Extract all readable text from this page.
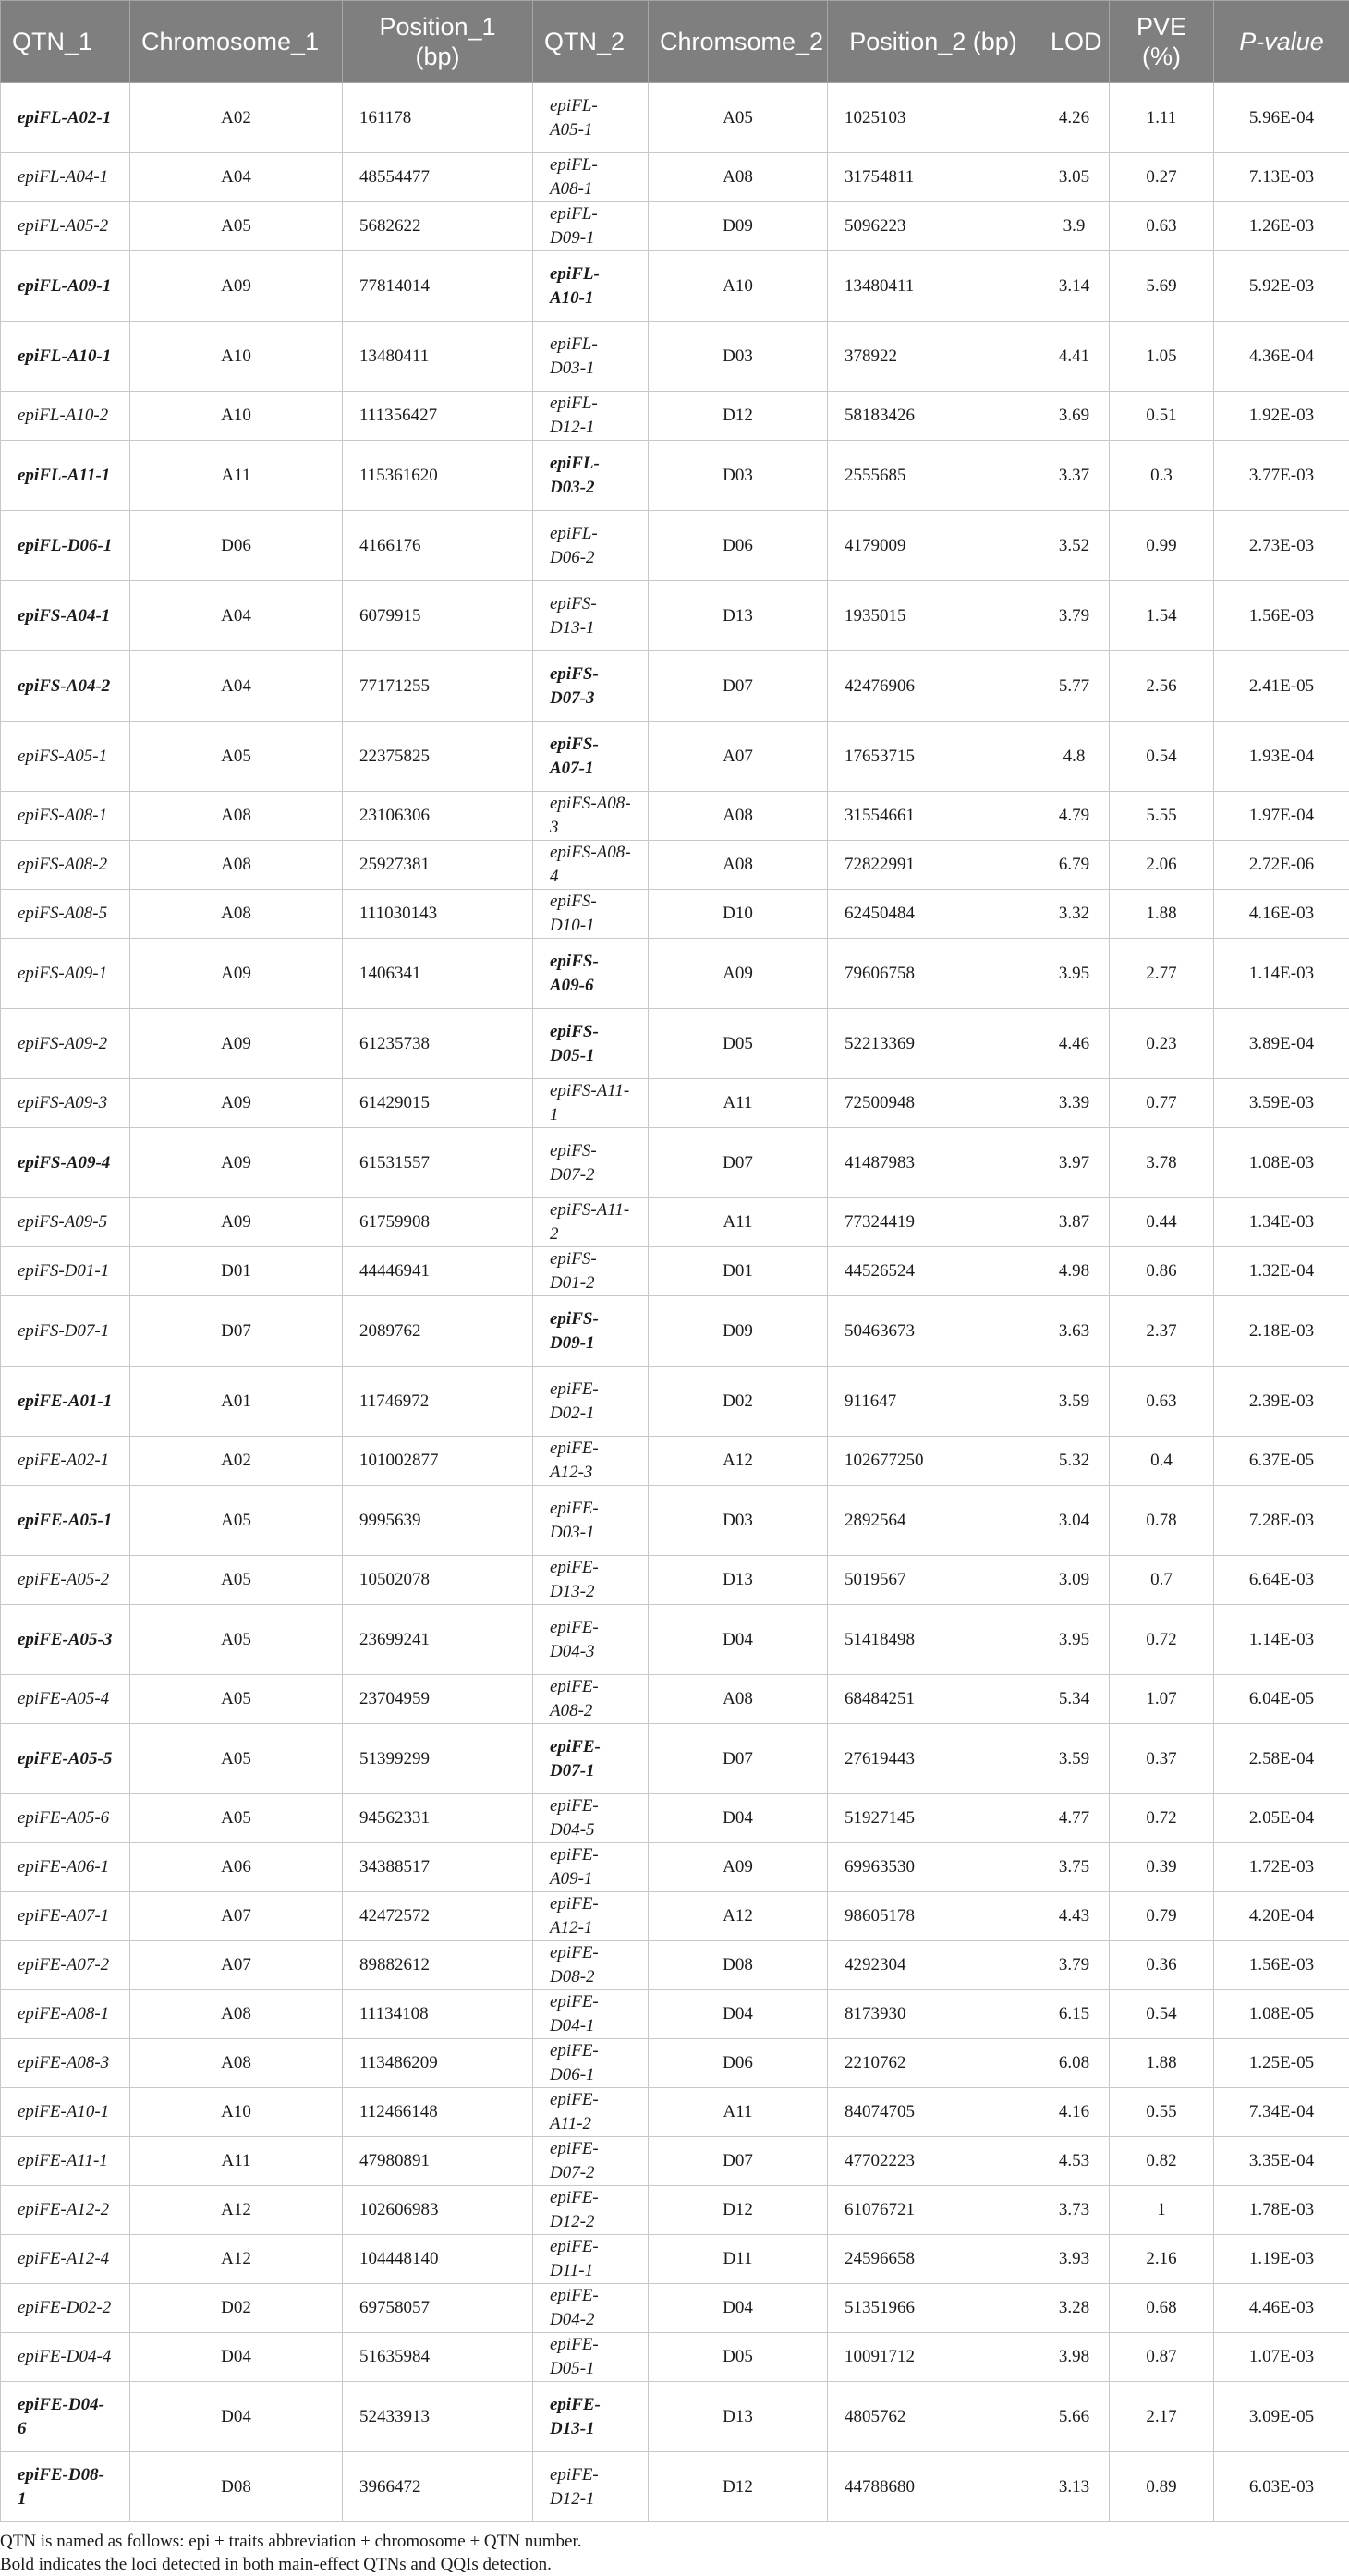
QTN_1	Chromosome_1	Position_1 (bp)	QTN_2	Chromsome_2	Position_2 (bp)	LOD	PVE (%)	P-value
epiFL-A02-1	A02	161178	epiFL-A05-1	A05	1025103	4.26	1.11	5.96E-04
epiFL-A04-1	A04	48554477	epiFL-A08-1	A08	31754811	3.05	0.27	7.13E-03
epiFL-A05-2	A05	5682622	epiFL-D09-1	D09	5096223	3.9	0.63	1.26E-03
epiFL-A09-1	A09	77814014	epiFL-A10-1	A10	13480411	3.14	5.69	5.92E-03
epiFL-A10-1	A10	13480411	epiFL-D03-1	D03	378922	4.41	1.05	4.36E-04
epiFL-A10-2	A10	111356427	epiFL-D12-1	D12	58183426	3.69	0.51	1.92E-03
epiFL-A11-1	A11	115361620	epiFL-D03-2	D03	2555685	3.37	0.3	3.77E-03
epiFL-D06-1	D06	4166176	epiFL-D06-2	D06	4179009	3.52	0.99	2.73E-03
epiFS-A04-1	A04	6079915	epiFS-D13-1	D13	1935015	3.79	1.54	1.56E-03
epiFS-A04-2	A04	77171255	epiFS-D07-3	D07	42476906	5.77	2.56	2.41E-05
epiFS-A05-1	A05	22375825	epiFS-A07-1	A07	17653715	4.8	0.54	1.93E-04
epiFS-A08-1	A08	23106306	epiFS-A08-3	A08	31554661	4.79	5.55	1.97E-04
epiFS-A08-2	A08	25927381	epiFS-A08-4	A08	72822991	6.79	2.06	2.72E-06
epiFS-A08-5	A08	111030143	epiFS-D10-1	D10	62450484	3.32	1.88	4.16E-03
epiFS-A09-1	A09	1406341	epiFS-A09-6	A09	79606758	3.95	2.77	1.14E-03
epiFS-A09-2	A09	61235738	epiFS-D05-1	D05	52213369	4.46	0.23	3.89E-04
epiFS-A09-3	A09	61429015	epiFS-A11-1	A11	72500948	3.39	0.77	3.59E-03
epiFS-A09-4	A09	61531557	epiFS-D07-2	D07	41487983	3.97	3.78	1.08E-03
epiFS-A09-5	A09	61759908	epiFS-A11-2	A11	77324419	3.87	0.44	1.34E-03
epiFS-D01-1	D01	44446941	epiFS-D01-2	D01	44526524	4.98	0.86	1.32E-04
epiFS-D07-1	D07	2089762	epiFS-D09-1	D09	50463673	3.63	2.37	2.18E-03
epiFE-A01-1	A01	11746972	epiFE-D02-1	D02	911647	3.59	0.63	2.39E-03
epiFE-A02-1	A02	101002877	epiFE-A12-3	A12	102677250	5.32	0.4	6.37E-05
epiFE-A05-1	A05	9995639	epiFE-D03-1	D03	2892564	3.04	0.78	7.28E-03
epiFE-A05-2	A05	10502078	epiFE-D13-2	D13	5019567	3.09	0.7	6.64E-03
epiFE-A05-3	A05	23699241	epiFE-D04-3	D04	51418498	3.95	0.72	1.14E-03
epiFE-A05-4	A05	23704959	epiFE-A08-2	A08	68484251	5.34	1.07	6.04E-05
epiFE-A05-5	A05	51399299	epiFE-D07-1	D07	27619443	3.59	0.37	2.58E-04
epiFE-A05-6	A05	94562331	epiFE-D04-5	D04	51927145	4.77	0.72	2.05E-04
epiFE-A06-1	A06	34388517	epiFE-A09-1	A09	69963530	3.75	0.39	1.72E-03
epiFE-A07-1	A07	42472572	epiFE-A12-1	A12	98605178	4.43	0.79	4.20E-04
epiFE-A07-2	A07	89882612	epiFE-D08-2	D08	4292304	3.79	0.36	1.56E-03
epiFE-A08-1	A08	11134108	epiFE-D04-1	D04	8173930	6.15	0.54	1.08E-05
epiFE-A08-3	A08	113486209	epiFE-D06-1	D06	2210762	6.08	1.88	1.25E-05
epiFE-A10-1	A10	112466148	epiFE-A11-2	A11	84074705	4.16	0.55	7.34E-04
epiFE-A11-1	A11	47980891	epiFE-D07-2	D07	47702223	4.53	0.82	3.35E-04
epiFE-A12-2	A12	102606983	epiFE-D12-2	D12	61076721	3.73	1	1.78E-03
epiFE-A12-4	A12	104448140	epiFE-D11-1	D11	24596658	3.93	2.16	1.19E-03
epiFE-D02-2	D02	69758057	epiFE-D04-2	D04	51351966	3.28	0.68	4.46E-03
epiFE-D04-4	D04	51635984	epiFE-D05-1	D05	10091712	3.98	0.87	1.07E-03
epiFE-D04-6	D04	52433913	epiFE-D13-1	D13	4805762	5.66	2.17	3.09E-05
epiFE-D08-1	D08	3966472	epiFE-D12-1	D12	44788680	3.13	0.89	6.03E-03
QTN is named as follows: epi + traits abbreviation + chromosome + QTN number.
Bold indicates the loci detected in both main-effect QTNs and QQIs detection.
